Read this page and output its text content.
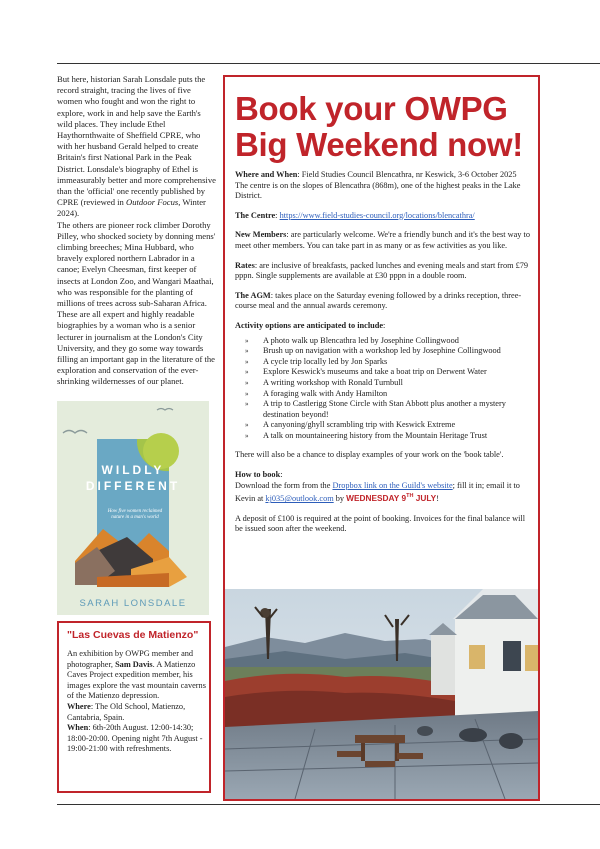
But here, historian Sarah Lonsdale puts the record straight, tracing the lives of five women who fought and won the right to explore, work in and help save the Earth's wild places. They include Ethel Haythornthwaite of Sheffield CPRE, who with her husband Gerald helped to create Britain's first National Park in the Peak District. Lonsdale's biography of Ethel is immeasurably better and more comprehensive than the 'official' one recently published by CPRE (reviewed in Outdoor Focus, Winter 2024).

The others are pioneer rock climber Dorothy Pilley, who shocked society by donning mens' climbing breeches; Mina Hubbard, who bravely explored northern Labrador in a canoe; Evelyn Cheesman, first keeper of insects at London Zoo, and Wangari Maathai, who was responsible for the planting of millions of trees across sub-Saharan Africa.

These are all expert and highly readable biographies by a woman who is a senior lecturer in journalism at the London's City University, and they go some way towards filling an important gap in the literature of the exploration and conservation of the ever-shrinking wildernesses of our planet.

WILDLY
DIFFERENT
How five women reclaimed nature in a man's world
SARAH LONSDALE
"Las Cuevas de Matienzo"

An exhibition by OWPG member and photographer, Sam Davis. A Matienzo Caves Project expedition member, his images explore the vast mountain caverns of the Matienzo depression.

Where: The Old School, Matienzo, Cantabria, Spain.

When: 6th-20th August. 12:00-14:30; 18:00-20:00. Opening night 7th August - 19:00-21:00 with refreshments.

Book your OWPG
Big Weekend now!

Where and When: Field Studies Council Blencathra, nr Keswick, 3-6 October 2025 The centre is on the slopes of Blencathra (868m), one of the highest peaks in the Lake District.

The Centre: https://www.field-studies-council.org/locations/blencathra/

New Members: are particularly welcome. We're a friendly bunch and it's the best way to meet other members. You can take part in as many or as few activities as you like.

Rates: are inclusive of breakfasts, packed lunches and evening meals and start from £79 pppn. Single supplements are available at £30 pppn in a double room.

The AGM: takes place on the Saturday evening followed by a drinks reception, three-course meal and the annual awards ceremony.

Activity options are anticipated to include:

» A photo walk up Blencathra led by Josephine Collingwood
» Brush up on navigation with a workshop led by Josephine Collingwood
» A cycle trip locally led by Jon Sparks
» Explore Keswick's museums and take a boat trip on Derwent Water
» A writing workshop with Ronald Turnbull
» A foraging walk with Andy Hamilton
» A trip to Castlerigg Stone Circle with Stan Abbott plus another a mystery destination beyond!
» A canyoning/ghyll scrambling trip with Keswick Extreme
» A talk on mountaineering history from the Mountain Heritage Trust

There will also be a chance to display examples of your work on the 'book table'.

How to book:
Download the form from the Dropbox link on the Guild's website; fill it in; email it to Kevin at kj035@outlook.com by WEDNESDAY 9TH JULY!

A deposit of £100 is required at the point of booking. Invoices for the final balance will be issued soon after the weekend.
